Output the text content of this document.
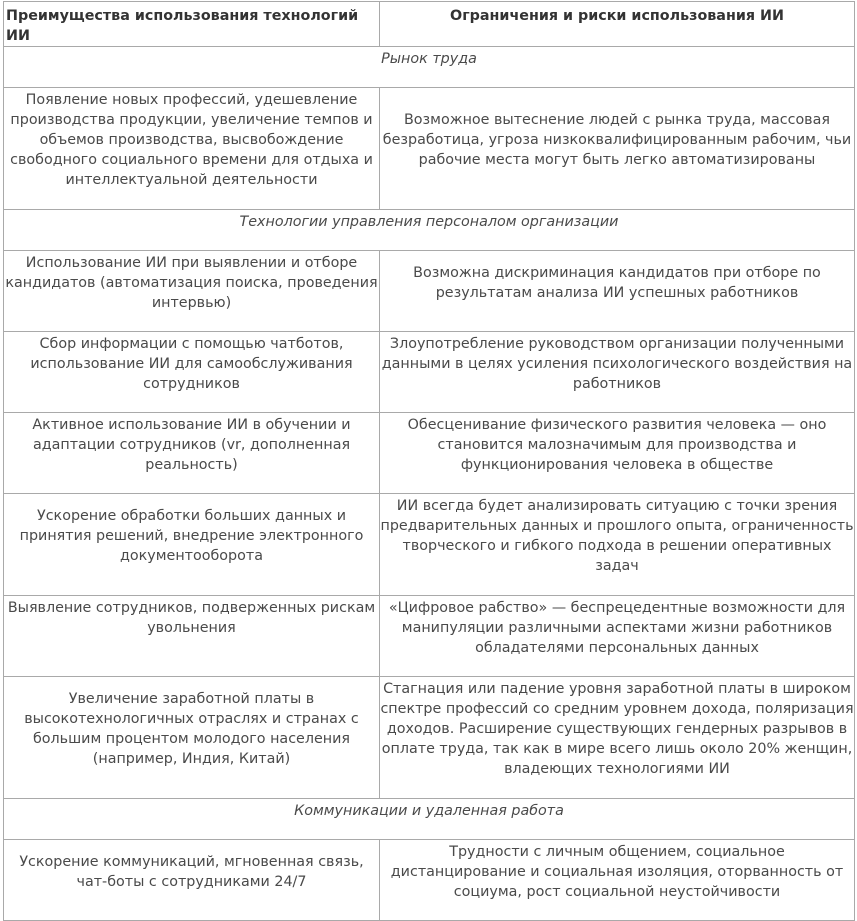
Преимущества использования технологий ИИ	Ограничения и риски использования ИИ
Рынок труда	
Появление новых профессий, удешевление производства продукции, увеличение темпов и объемов производства, высвобождение свободного социального времени для отдыха и интеллектуальной деятельности	Возможное вытеснение людей с рынка труда, массовая безработица, угроза низкоквалифицированным рабочим, чьи рабочие места могут быть легко автоматизированы
Технологии управления персоналом организации	
Использование ИИ при выявлении и отборе кандидатов (автоматизация поиска, проведения интервью)	Возможна дискриминация кандидатов при отборе по результатам анализа ИИ успешных работников
Сбор информации с помощью чатботов, использование ИИ для самообслуживания сотрудников	Злоупотребление руководством организации полученными данными в целях усиления психологического воздействия на работников
Активное использование ИИ в обучении и адаптации сотрудников (vr, дополненная реальность)	Обесценивание физического развития человека — оно становится малозначимым для производства и функционирования человека в обществе
Ускорение обработки больших данных и принятия решений, внедрение электронного документооборота	ИИ всегда будет анализировать ситуацию с точки зрения предварительных данных и прошлого опыта, ограниченность творческого и гибкого подхода в решении оперативных задач
Выявление сотрудников, подверженных рискам увольнения	«Цифровое рабство» — беспрецедентные возможности для манипуляции различными аспектами жизни работников обладателями персональных данных
Увеличение заработной платы в высокотехнологичных отраслях и странах с большим процентом молодого населения (например, Индия, Китай)	Стагнация или падение уровня заработной платы в широком спектре профессий со средним уровнем дохода, поляризация доходов. Расширение существующих гендерных разрывов в оплате труда, так как в мире всего лишь около 20% женщин, владеющих технологиями ИИ
Коммуникации и удаленная работа	
Ускорение коммуникаций, мгновенная связь, чат-боты с сотрудниками 24/7	Трудности с личным общением, социальное дистанцирование и социальная изоляция, оторванность от социума, рост социальной неустойчивости
